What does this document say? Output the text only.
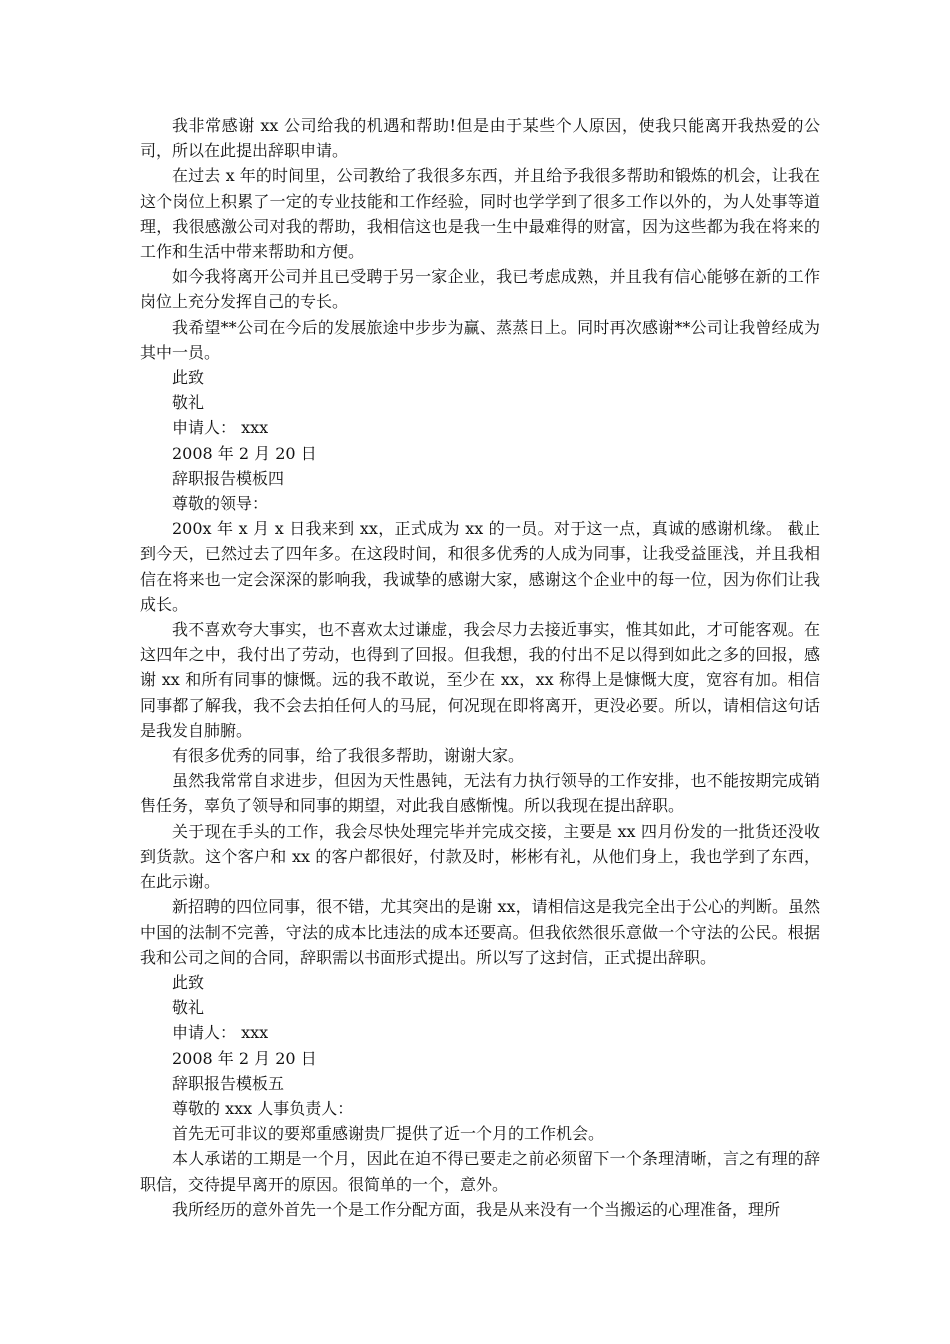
我非常感谢 xx 公司给我的机遇和帮助!但是由于某些个人原因，使我只能离开我热爱的公司，所以在此提出辞职申请。

在过去 x 年的时间里，公司教给了我很多东西，并且给予我很多帮助和锻炼的机会，让我在这个岗位上积累了一定的专业技能和工作经验，同时也学学到了很多工作以外的，为人处事等道理，我很感激公司对我的帮助，我相信这也是我一生中最难得的财富，因为这些都为我在将来的工作和生活中带来帮助和方便。

如今我将离开公司并且已受聘于另一家企业，我已考虑成熟，并且我有信心能够在新的工作岗位上充分发挥自己的专长。

我希望**公司在今后的发展旅途中步步为赢、蒸蒸日上。同时再次感谢**公司让我曾经成为其中一员。

此致

敬礼

申请人： xxx

2008 年 2 月 20 日

辞职报告模板四

尊敬的领导：

200x 年 x 月 x 日我来到 xx，正式成为 xx 的一员。对于这一点，真诚的感谢机缘。 截止到今天，已然过去了四年多。在这段时间，和很多优秀的人成为同事，让我受益匪浅，并且我相信在将来也一定会深深的影响我，我诚挚的感谢大家，感谢这个企业中的每一位，因为你们让我成长。

我不喜欢夸大事实，也不喜欢太过谦虚，我会尽力去接近事实，惟其如此，才可能客观。在这四年之中，我付出了劳动，也得到了回报。但我想，我的付出不足以得到如此之多的回报，感谢 xx 和所有同事的慷慨。远的我不敢说，至少在 xx，xx 称得上是慷慨大度，宽容有加。相信同事都了解我，我不会去拍任何人的马屁，何况现在即将离开，更没必要。所以，请相信这句话是我发自肺腑。

有很多优秀的同事，给了我很多帮助，谢谢大家。

虽然我常常自求进步，但因为天性愚钝，无法有力执行领导的工作安排，也不能按期完成销售任务，辜负了领导和同事的期望，对此我自感惭愧。所以我现在提出辞职。

关于现在手头的工作，我会尽快处理完毕并完成交接，主要是 xx 四月份发的一批货还没收到货款。这个客户和 xx 的客户都很好，付款及时，彬彬有礼，从他们身上，我也学到了东西，在此示谢。

新招聘的四位同事，很不错，尤其突出的是谢 xx，请相信这是我完全出于公心的判断。虽然中国的法制不完善，守法的成本比违法的成本还要高。但我依然很乐意做一个守法的公民。根据我和公司之间的合同，辞职需以书面形式提出。所以写了这封信，正式提出辞职。

此致

敬礼

申请人： xxx

2008 年 2 月 20 日

辞职报告模板五

尊敬的 xxx 人事负责人：

首先无可非议的要郑重感谢贵厂提供了近一个月的工作机会。

本人承诺的工期是一个月，因此在迫不得已要走之前必须留下一个条理清晰，言之有理的辞职信，交待提早离开的原因。很简单的一个，意外。

我所经历的意外首先一个是工作分配方面，我是从来没有一个当搬运的心理准备，理所
